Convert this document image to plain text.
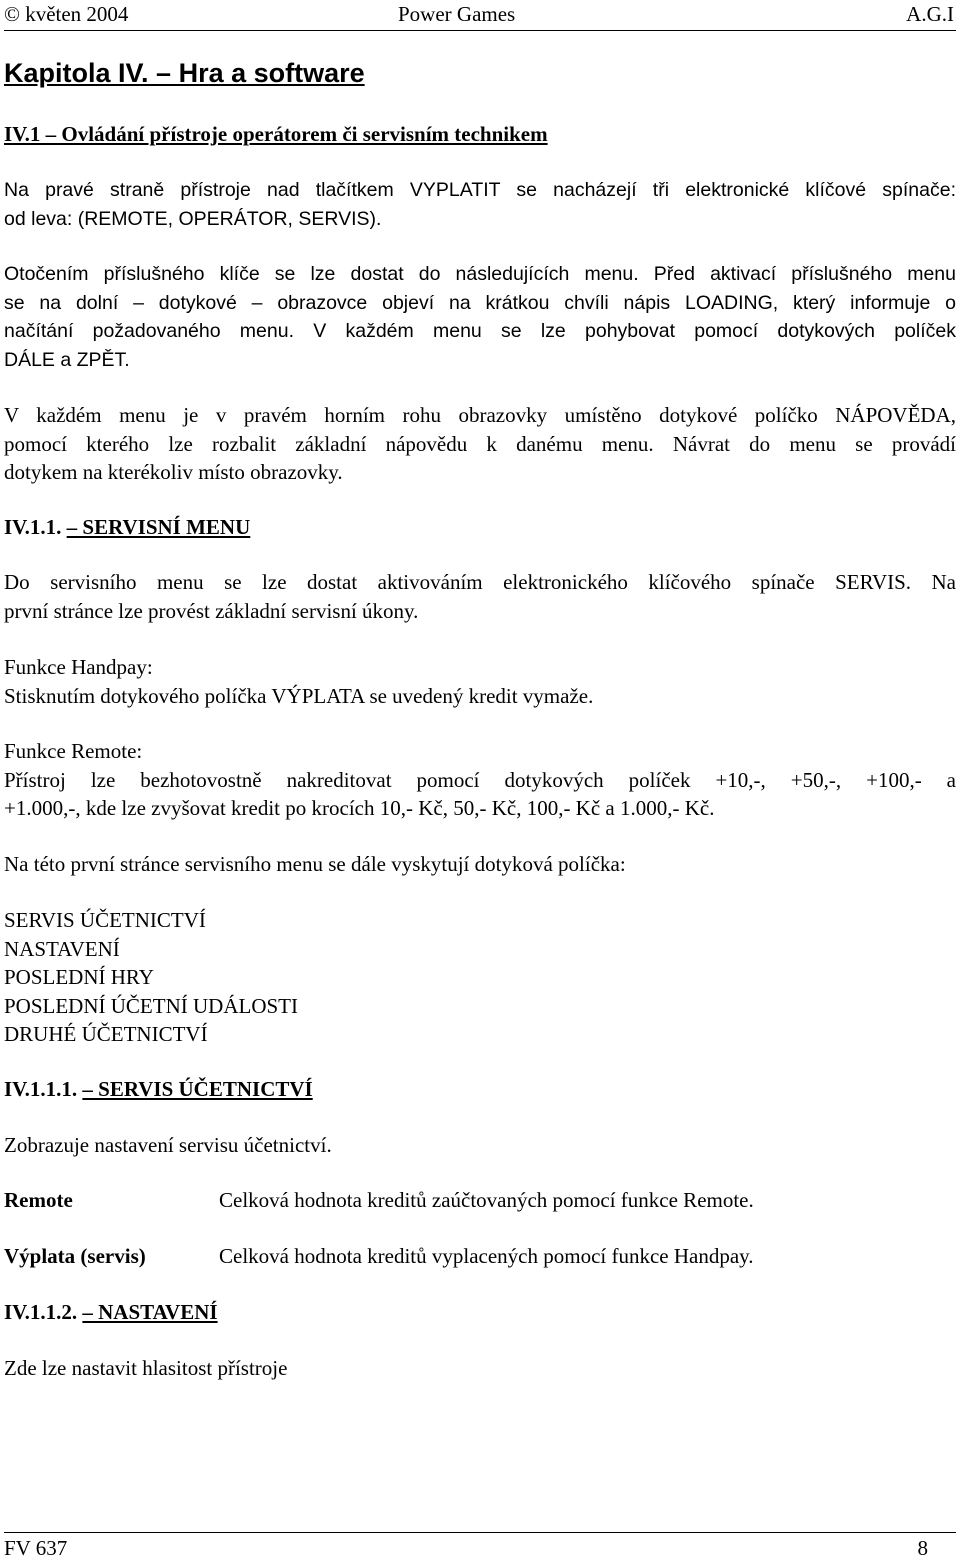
© květen 2004	Power Games	A.G.I
Kapitola IV. – Hra a software
IV.1 – Ovládání přístroje operátorem či servisním technikem
Na pravé straně přístroje nad tlačítkem VYPLATIT se nacházejí tři elektronické klíčové spínače:
od leva: (REMOTE, OPERÁTOR, SERVIS).
Otočením příslušného klíče se lze dostat do následujících menu. Před aktivací příslušného menu
se na dolní – dotykové – obrazovce objeví na krátkou chvíli nápis LOADING, který informuje o
načítání požadovaného menu. V každém menu se lze pohybovat pomocí dotykových políček
DÁLE a ZPĚT.
V každém menu je v pravém horním rohu obrazovky umístěno dotykové políčko NÁPOVĚDA,
pomocí kterého lze rozbalit základní nápovědu k danému menu. Návrat do menu se provádí
dotykem na kterékoliv místo obrazovky.
IV.1.1. – SERVISNÍ MENU
Do servisního menu se lze dostat aktivováním elektronického klíčového spínače SERVIS. Na
první stránce lze provést základní servisní úkony.
Funkce Handpay:
Stisknutím dotykového políčka VÝPLATA se uvedený kredit vymaže.
Funkce Remote:
Přístroj lze bezhotovostně nakreditovat pomocí dotykových políček +10,-, +50,-, +100,- a
+1.000,-, kde lze zvyšovat kredit po krocích 10,- Kč, 50,- Kč, 100,- Kč a 1.000,- Kč.
Na této první stránce servisního menu se dále vyskytují dotyková políčka:
SERVIS ÚČETNICTVÍ
NASTAVENÍ
POSLEDNÍ HRY
POSLEDNÍ ÚČETNÍ UDÁLOSTI
DRUHÉ ÚČETNICTVÍ
IV.1.1.1. – SERVIS ÚČETNICTVÍ
Zobrazuje nastavení servisu účetnictví.
Remote	Celková hodnota kreditů zaúčtovaných pomocí funkce Remote.
Výplata (servis)	Celková hodnota kreditů vyplacených pomocí funkce Handpay.
IV.1.1.2. – NASTAVENÍ
Zde lze nastavit hlasitost přístroje
FV 637	8
